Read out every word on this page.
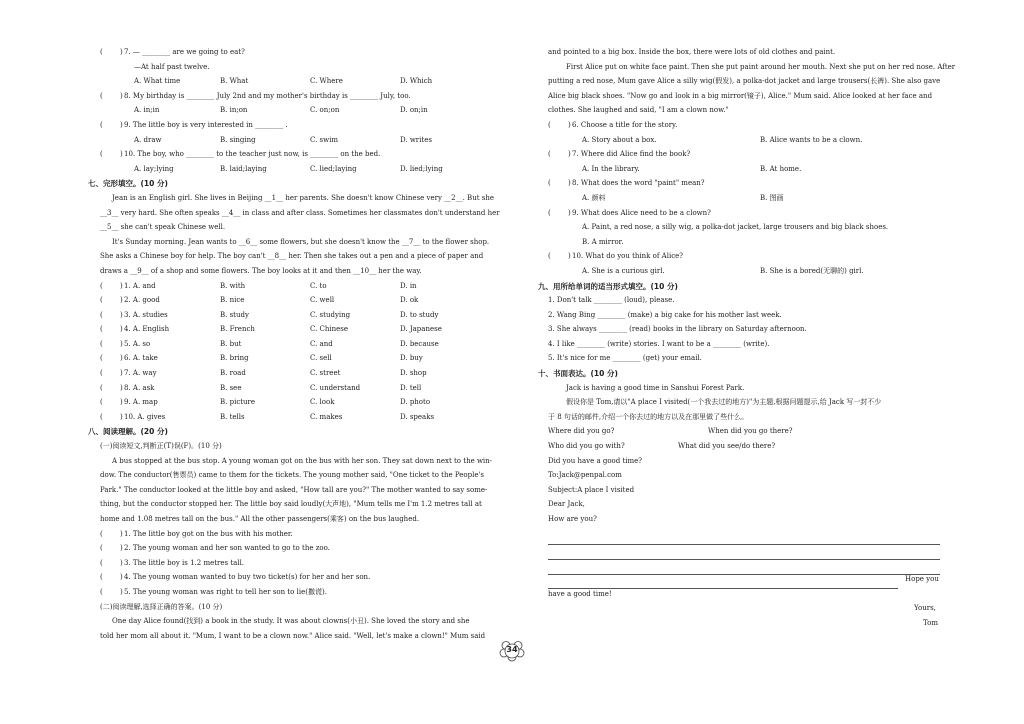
( ) 7. — ________ are we going to eat?
—At half past twelve.
A. What time	B. What	C. Where	D. Which
( ) 8. My birthday is ________ July 2nd and my mother's birthday is ________ July, too.
A. in;in	B. in;on	C. on;on	D. on;in
( ) 9. The little boy is very interested in ________ .
A. draw	B. singing	C. swim	D. writes
( ) 10. The boy, who ________ to the teacher just now, is ________ on the bed.
A. lay;lying	B. laid;laying	C. lied;laying	D. lied;lying
七、完形填空。(10 分)
Jean is an English girl. She lives in Beijing __1__ her parents. She doesn't know Chinese very __2__. But she
__3__ very hard. She often speaks __4__ in class and after class. Sometimes her classmates don't understand her
__5__ she can't speak Chinese well.
It's Sunday morning. Jean wants to __6__ some flowers, but she doesn't know the __7__ to the flower shop.
She asks a Chinese boy for help. The boy can't __8__ her. Then she takes out a pen and a piece of paper and
draws a __9__ of a shop and some flowers. The boy looks at it and then __10__ her the way.
( ) 1. A. and	B. with	C. to	D. in
( ) 2. A. good	B. nice	C. well	D. ok
( ) 3. A. studies	B. study	C. studying	D. to study
( ) 4. A. English	B. French	C. Chinese	D. Japanese
( ) 5. A. so	B. but	C. and	D. because
( ) 6. A. take	B. bring	C. sell	D. buy
( ) 7. A. way	B. road	C. street	D. shop
( ) 8. A. ask	B. see	C. understand	D. tell
( ) 9. A. map	B. picture	C. look	D. photo
( ) 10. A. gives	B. tells	C. makes	D. speaks
八、阅读理解。(20 分)
(一)阅读短文,判断正(T)误(F)。(10 分)
A bus stopped at the bus stop. A young woman got on the bus with her son. They sat down next to the win-
dow. The conductor(售票员) came to them for the tickets. The young mother said, "One ticket to the People's
Park." The conductor looked at the little boy and asked, "How tall are you?" The mother wanted to say some-
thing, but the conductor stopped her. The little boy said loudly(大声地), "Mum tells me I'm 1.2 metres tall at
home and 1.08 metres tall on the bus." All the other passengers(乘客) on the bus laughed.
( ) 1. The little boy got on the bus with his mother.
( ) 2. The young woman and her son wanted to go to the zoo.
( ) 3. The little boy is 1.2 metres tall.
( ) 4. The young woman wanted to buy two ticket(s) for her and her son.
( ) 5. The young woman was right to tell her son to lie(撒谎).
(二)阅读理解,选择正确的答案。(10 分)
One day Alice found(找到) a book in the study. It was about clowns(小丑). She loved the story and she
told her mom all about it. "Mum, I want to be a clown now." Alice said. "Well, let's make a clown!" Mum said
and pointed to a big box. Inside the box, there were lots of old clothes and paint.
First Alice put on white face paint. Then she put paint around her mouth. Next she put on her red nose. After
putting a red nose, Mum gave Alice a silly wig(假发), a polka-dot jacket and large trousers(长裤). She also gave
Alice big black shoes. "Now go and look in a big mirror(镜子), Alice." Mum said. Alice looked at her face and
clothes. She laughed and said, "I am a clown now."
( ) 6. Choose a title for the story.
A. Story about a box.	B. Alice wants to be a clown.
( ) 7. Where did Alice find the book?
A. In the library.	B. At home.
( ) 8. What does the word "paint" mean?
A. 颜料	B. 图画
( ) 9. What does Alice need to be a clown?
A. Paint, a red nose, a silly wig, a polka-dot jacket, large trousers and big black shoes.
B. A mirror.
( ) 10. What do you think of Alice?
A. She is a curious girl.	B. She is a bored(无聊的) girl.
九、用所给单词的适当形式填空。(10 分)
1. Don't talk ________ (loud), please.
2. Wang Bing ________ (make) a big cake for his mother last week.
3. She always ________ (read) books in the library on Saturday afternoon.
4. I like ________ (write) stories. I want to be a ________ (write).
5. It's nice for me ________ (get) your email.
十、书面表达。(10 分)
Jack is having a good time in Sanshui Forest Park.
假设你是 Tom,请以"A place I visited(一个我去过的地方)"为主题,根据问题提示,给 Jack 写一封不少
于 8 句话的邮件,介绍一个你去过的地方以及在那里做了些什么。
Where did you go?	When did you go there?
Who did you go with?	What did you see/do there?
Did you have a good time?
To:Jack@penpal.com
Subject:A place I visited
Dear Jack,
How are you?
Hope you
have a good time!
Yours,
Tom
34
